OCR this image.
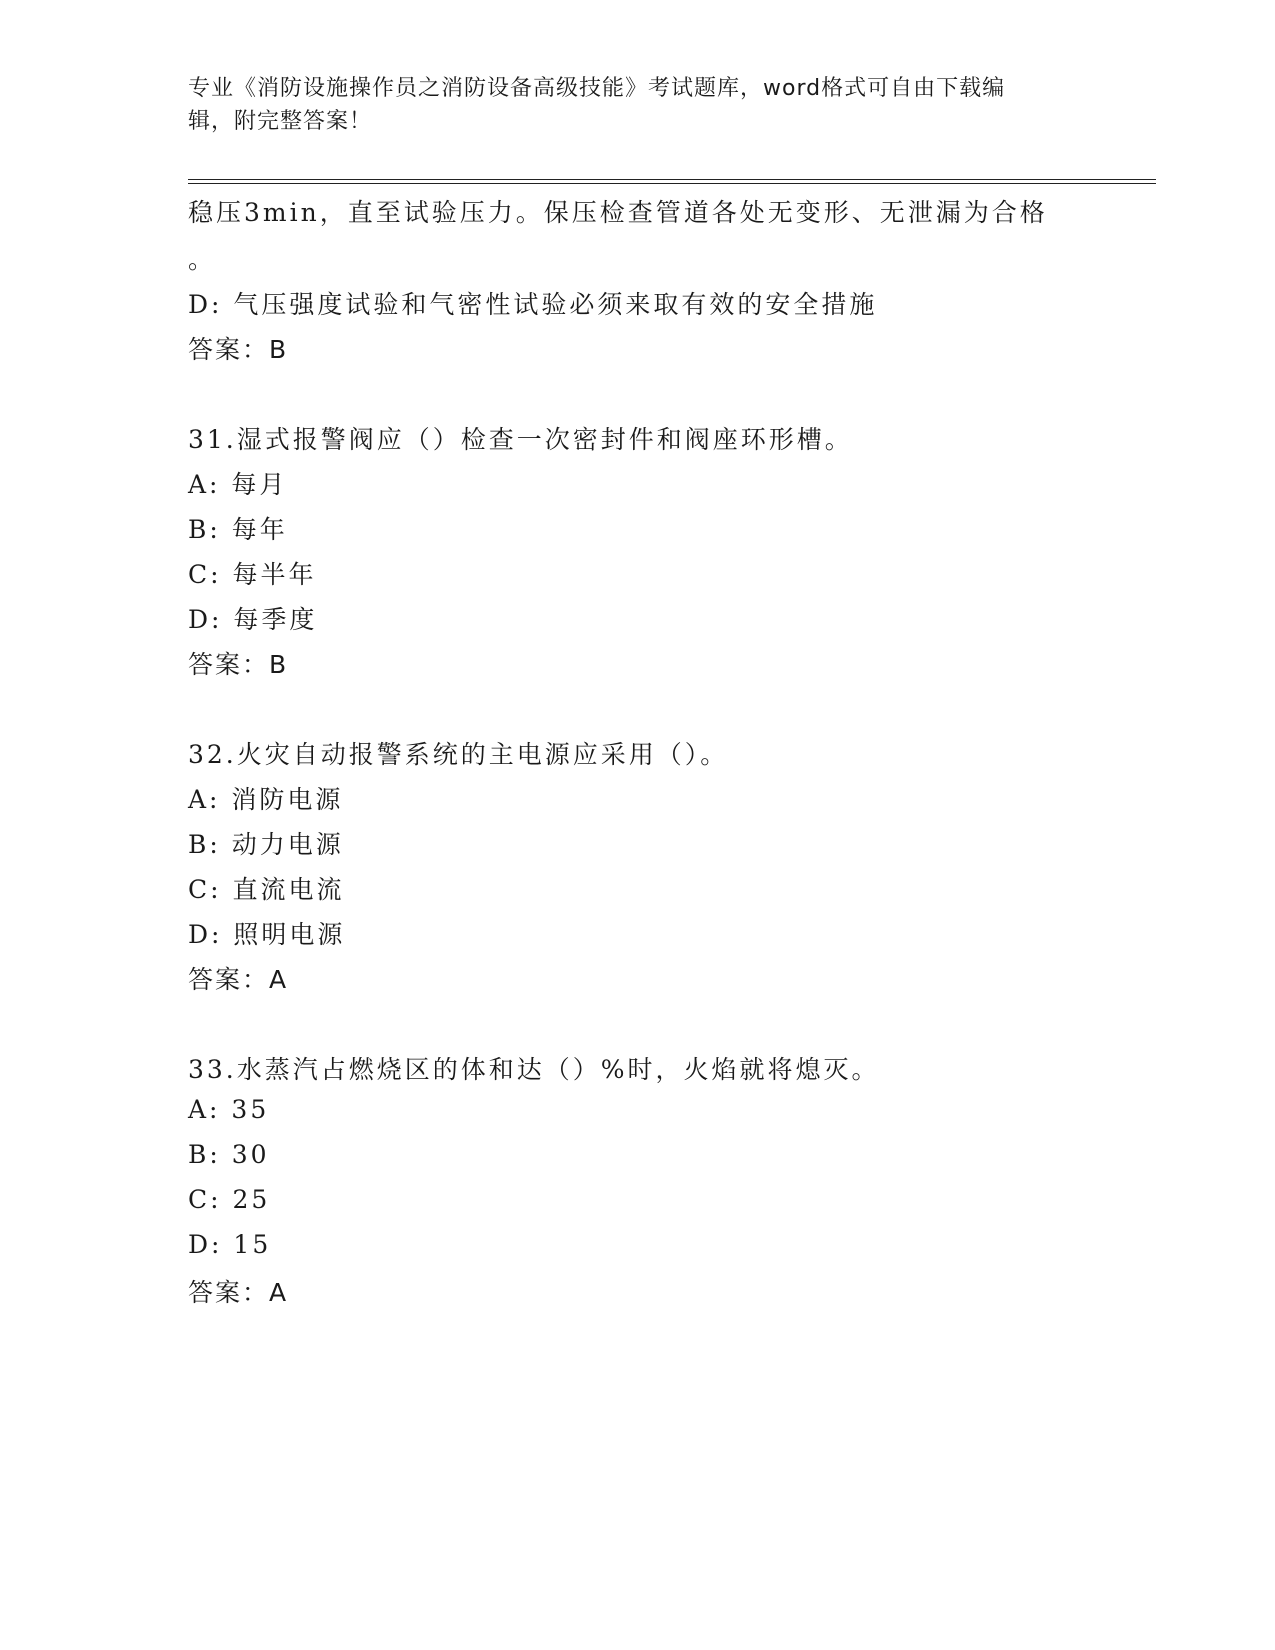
专业《消防设施操作员之消防设备高级技能》考试题库，word格式可自由下载编
辑，附完整答案！
稳压3min，直至试验压力。保压检查管道各处无变形、无泄漏为合格
。
D: 气压强度试验和气密性试验必须来取有效的安全措施
答案：B
31.湿式报警阀应（）检查一次密封件和阀座环形槽。
A: 每月
B: 每年
C: 每半年
D: 每季度
答案：B
32.火灾自动报警系统的主电源应采用（）。
A: 消防电源
B: 动力电源
C: 直流电流
D: 照明电源
答案：A
33.水蒸汽占燃烧区的体和达（）%时，火焰就将熄灭。
A: 35
B: 30
C: 25
D: 15
答案：A
